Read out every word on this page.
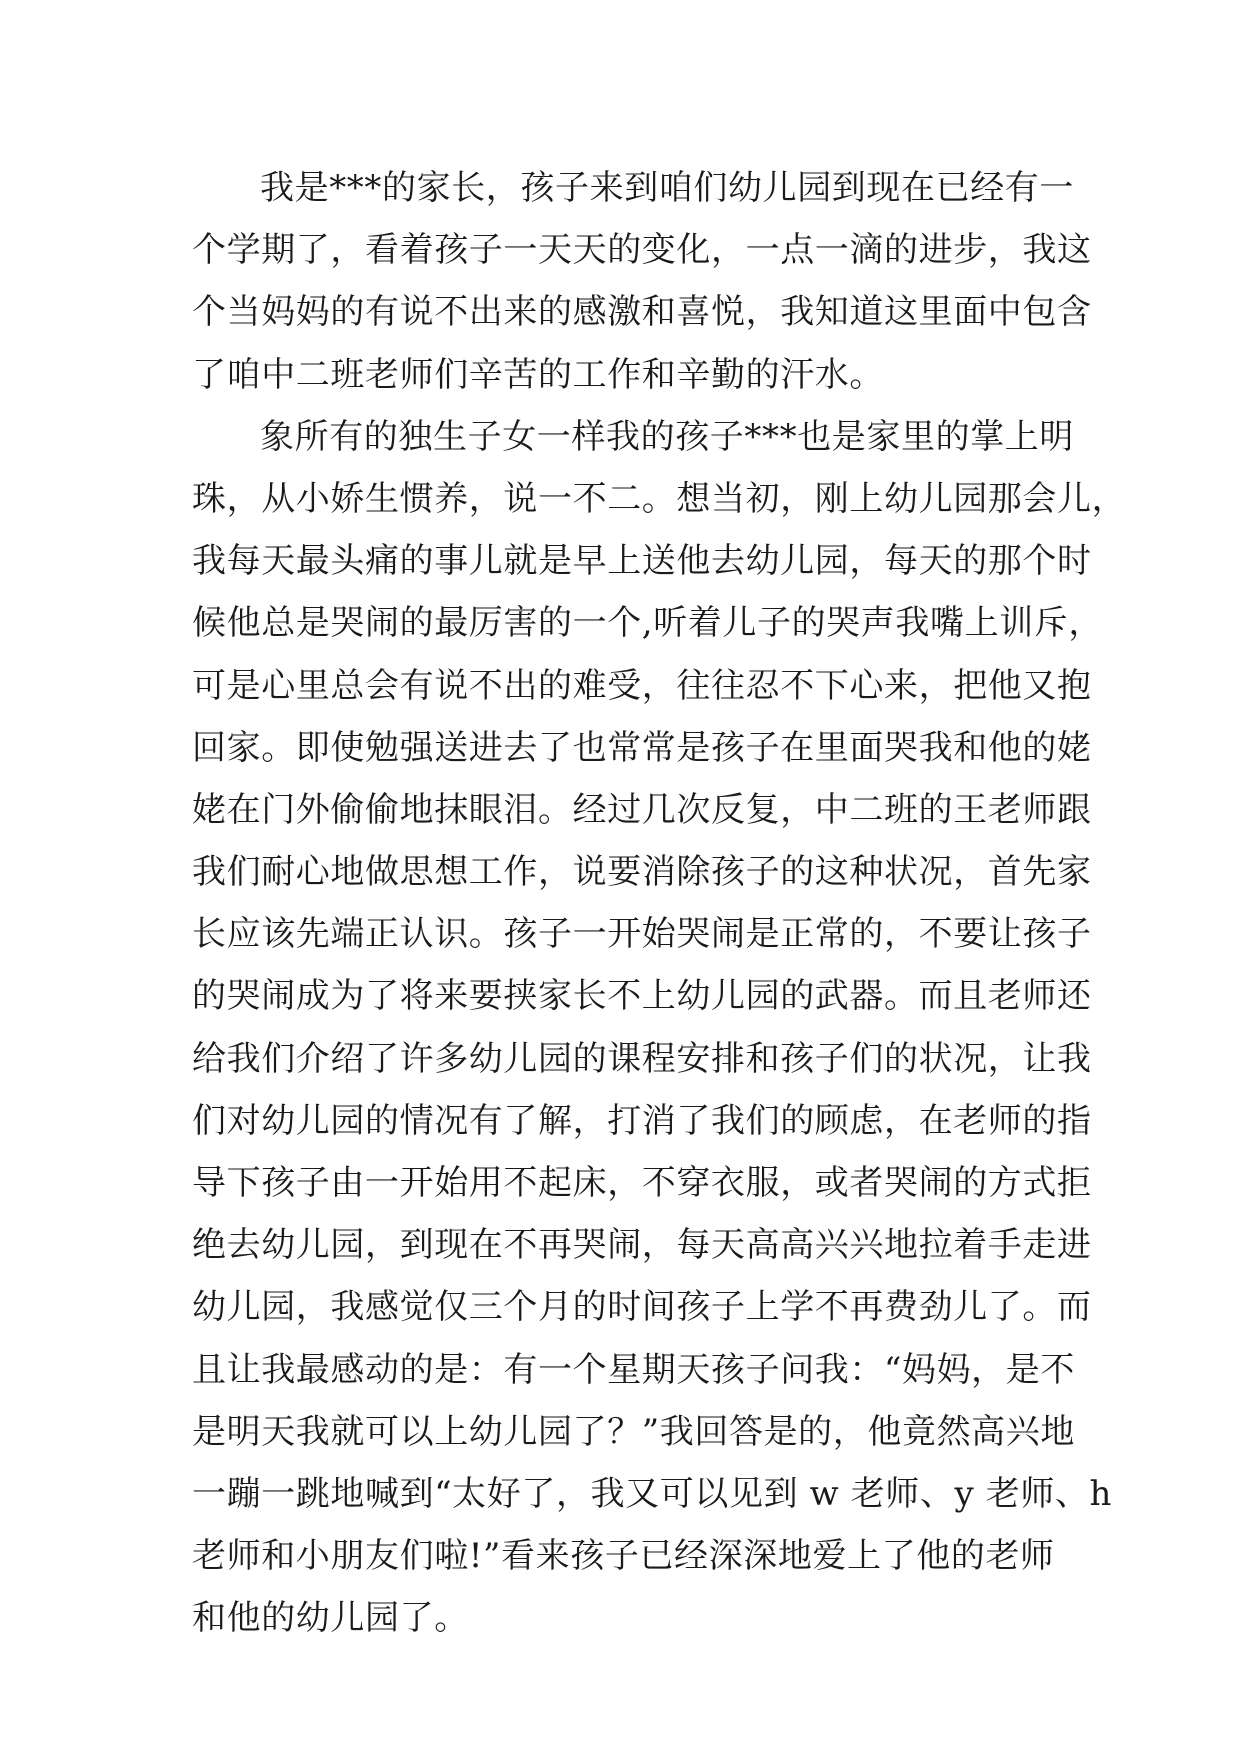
我是***的家长，孩子来到咱们幼儿园到现在已经有一
个学期了，看着孩子一天天的变化，一点一滴的进步，我这
个当妈妈的有说不出来的感激和喜悦，我知道这里面中包含
了咱中二班老师们辛苦的工作和辛勤的汗水。
象所有的独生子女一样我的孩子***也是家里的掌上明
珠，从小娇生惯养，说一不二。想当初，刚上幼儿园那会儿，
我每天最头痛的事儿就是早上送他去幼儿园，每天的那个时
候他总是哭闹的最厉害的一个,听着儿子的哭声我嘴上训斥，
可是心里总会有说不出的难受，往往忍不下心来，把他又抱
回家。即使勉强送进去了也常常是孩子在里面哭我和他的姥
姥在门外偷偷地抹眼泪。经过几次反复，中二班的王老师跟
我们耐心地做思想工作，说要消除孩子的这种状况，首先家
长应该先端正认识。孩子一开始哭闹是正常的，不要让孩子
的哭闹成为了将来要挟家长不上幼儿园的武器。而且老师还
给我们介绍了许多幼儿园的课程安排和孩子们的状况，让我
们对幼儿园的情况有了解，打消了我们的顾虑，在老师的指
导下孩子由一开始用不起床，不穿衣服，或者哭闹的方式拒
绝去幼儿园，到现在不再哭闹，每天高高兴兴地拉着手走进
幼儿园，我感觉仅三个月的时间孩子上学不再费劲儿了。而
且让我最感动的是：有一个星期天孩子问我：“妈妈，是不
是明天我就可以上幼儿园了？”我回答是的，他竟然高兴地
一蹦一跳地喊到“太好了，我又可以见到 w 老师、y 老师、h
老师和小朋友们啦!”看来孩子已经深深地爱上了他的老师
和他的幼儿园了。
